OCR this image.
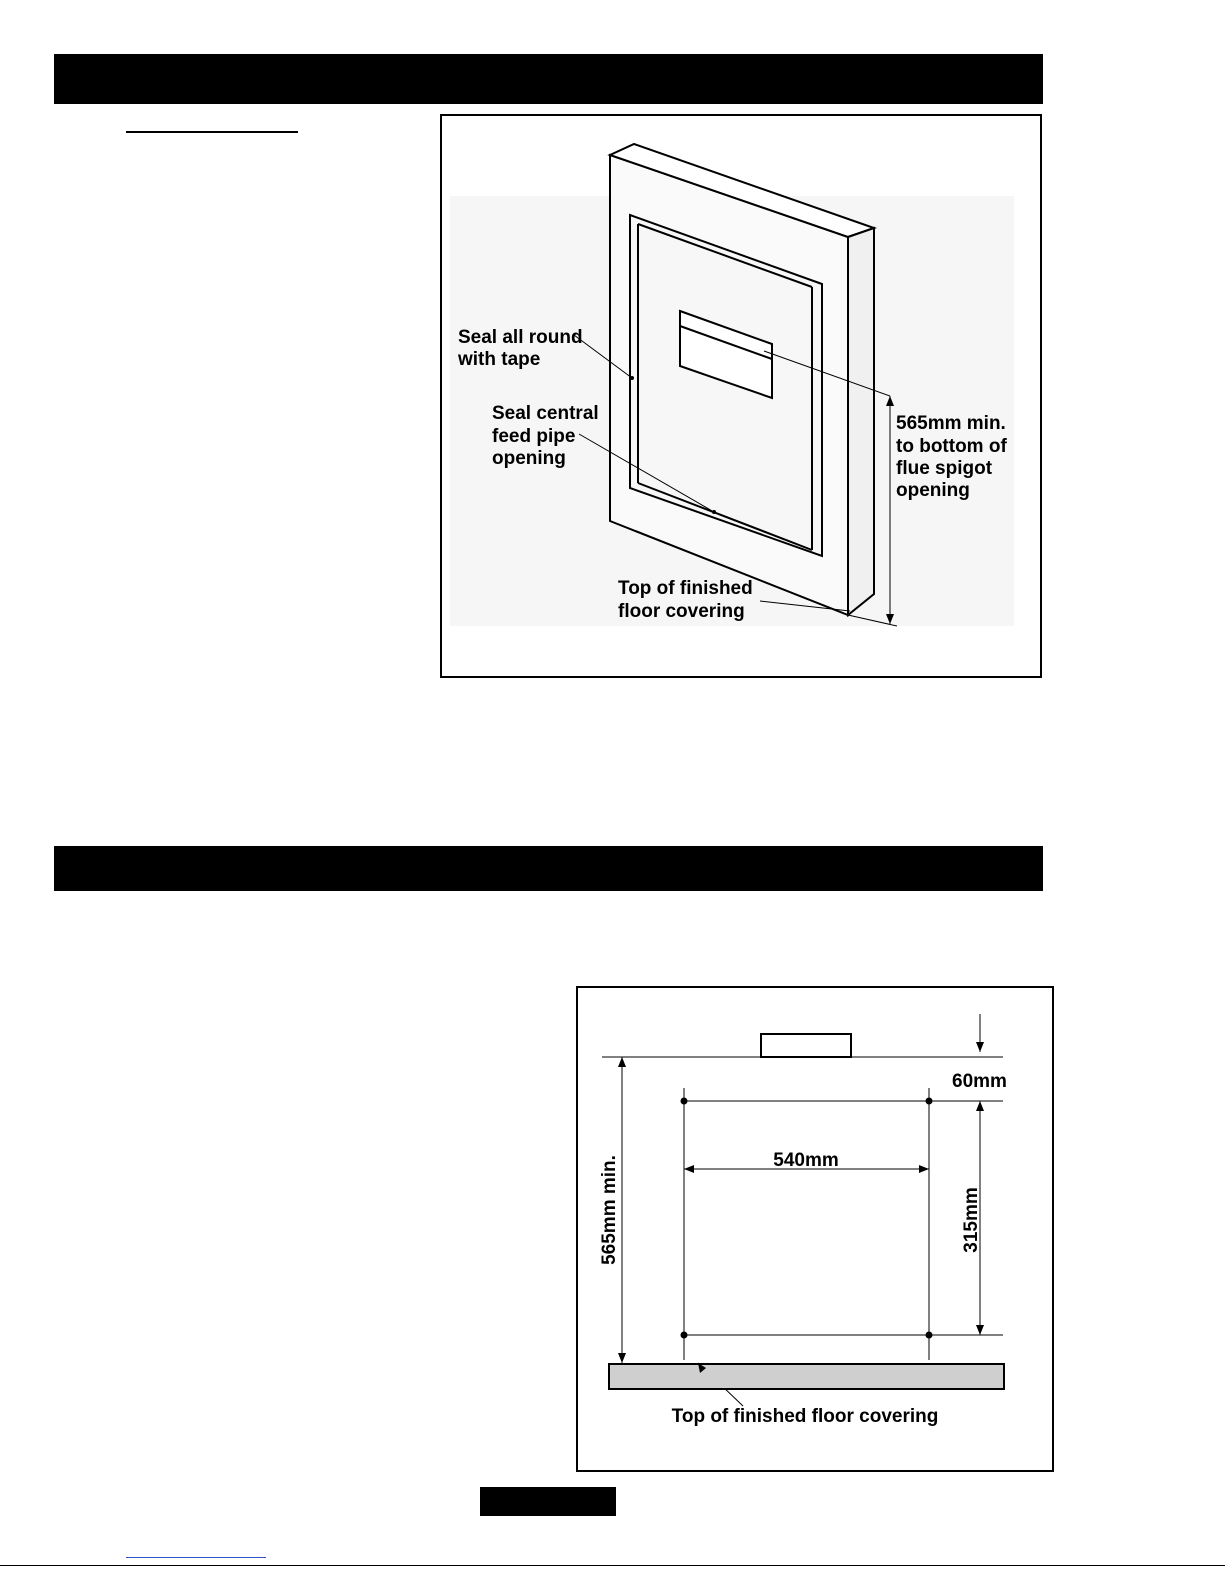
Seal all round
with tape
Seal central
feed pipe
opening
565mm min.
to bottom of
flue spigot
opening
Top of finished
floor covering
60mm
540mm
315mm
565mm min.
Top of finished floor covering
